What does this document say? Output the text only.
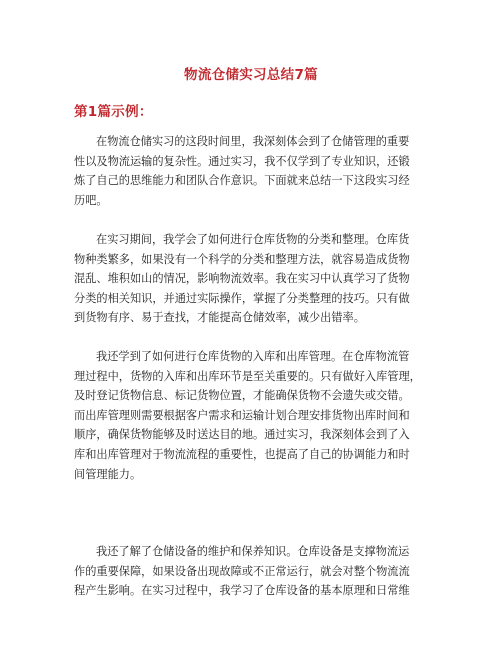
物流仓储实习总结7篇
第1篇示例：
在物流仓储实习的这段时间里，我深刻体会到了仓储管理的重要
性以及物流运输的复杂性。通过实习，我不仅学到了专业知识，还锻
炼了自己的思维能力和团队合作意识。下面就来总结一下这段实习经
历吧。
在实习期间，我学会了如何进行仓库货物的分类和整理。仓库货
物种类繁多，如果没有一个科学的分类和整理方法，就容易造成货物
混乱、堆积如山的情况，影响物流效率。我在实习中认真学习了货物
分类的相关知识，并通过实际操作，掌握了分类整理的技巧。只有做
到货物有序、易于查找，才能提高仓储效率，减少出错率。
我还学到了如何进行仓库货物的入库和出库管理。在仓库物流管
理过程中，货物的入库和出库环节是至关重要的。只有做好入库管理，
及时登记货物信息、标记货物位置，才能确保货物不会遗失或交错。
而出库管理则需要根据客户需求和运输计划合理安排货物出库时间和
顺序，确保货物能够及时送达目的地。通过实习，我深刻体会到了入
库和出库管理对于物流流程的重要性，也提高了自己的协调能力和时
间管理能力。
我还了解了仓储设备的维护和保养知识。仓库设备是支撑物流运
作的重要保障，如果设备出现故障或不正常运行，就会对整个物流流
程产生影响。在实习过程中，我学习了仓库设备的基本原理和日常维
